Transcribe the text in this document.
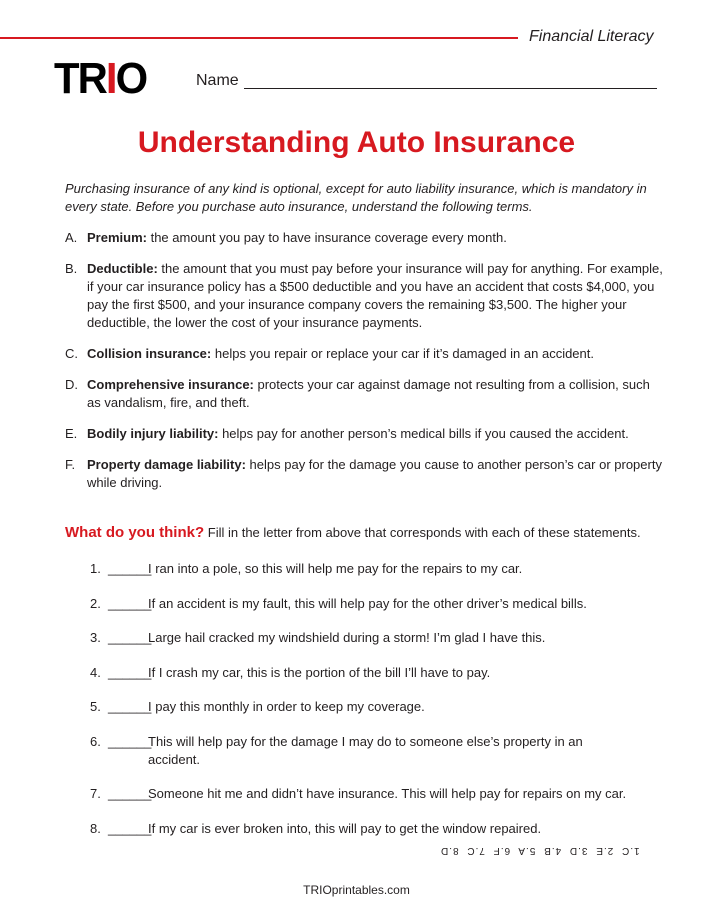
Financial Literacy
TRIO	Name
Understanding Auto Insurance
Purchasing insurance of any kind is optional, except for auto liability insurance, which is mandatory in every state. Before you purchase auto insurance, understand the following terms.
A. Premium: the amount you pay to have insurance coverage every month.
B. Deductible: the amount that you must pay before your insurance will pay for anything. For example, if your car insurance policy has a $500 deductible and you have an accident that costs $4,000, you pay the first $500, and your insurance company covers the remaining $3,500. The higher your deductible, the lower the cost of your insurance payments.
C. Collision insurance: helps you repair or replace your car if it’s damaged in an accident.
D. Comprehensive insurance: protects your car against damage not resulting from a collision, such as vandalism, fire, and theft.
E. Bodily injury liability: helps pay for another person’s medical bills if you caused the accident.
F. Property damage liability: helps pay for the damage you cause to another person’s car or property while driving.
What do you think? Fill in the letter from above that corresponds with each of these statements.
1. ______
I ran into a pole, so this will help me pay for the repairs to my car.
2. ______
If an accident is my fault, this will help pay for the other driver’s medical bills.
3. ______
Large hail cracked my windshield during a storm! I’m glad I have this.
4. ______
If I crash my car, this is the portion of the bill I’ll have to pay.
5. ______
I pay this monthly in order to keep my coverage.
6. ______
This will help pay for the damage I may do to someone else’s property in an accident.
7. ______
Someone hit me and didn’t have insurance. This will help pay for repairs on my car.
8. ______
If my car is ever broken into, this will pay to get the window repaired.
1.C 2.E 3.D 4.B 5.A 6.F 7.C 8.D
TRIOprintables.com
